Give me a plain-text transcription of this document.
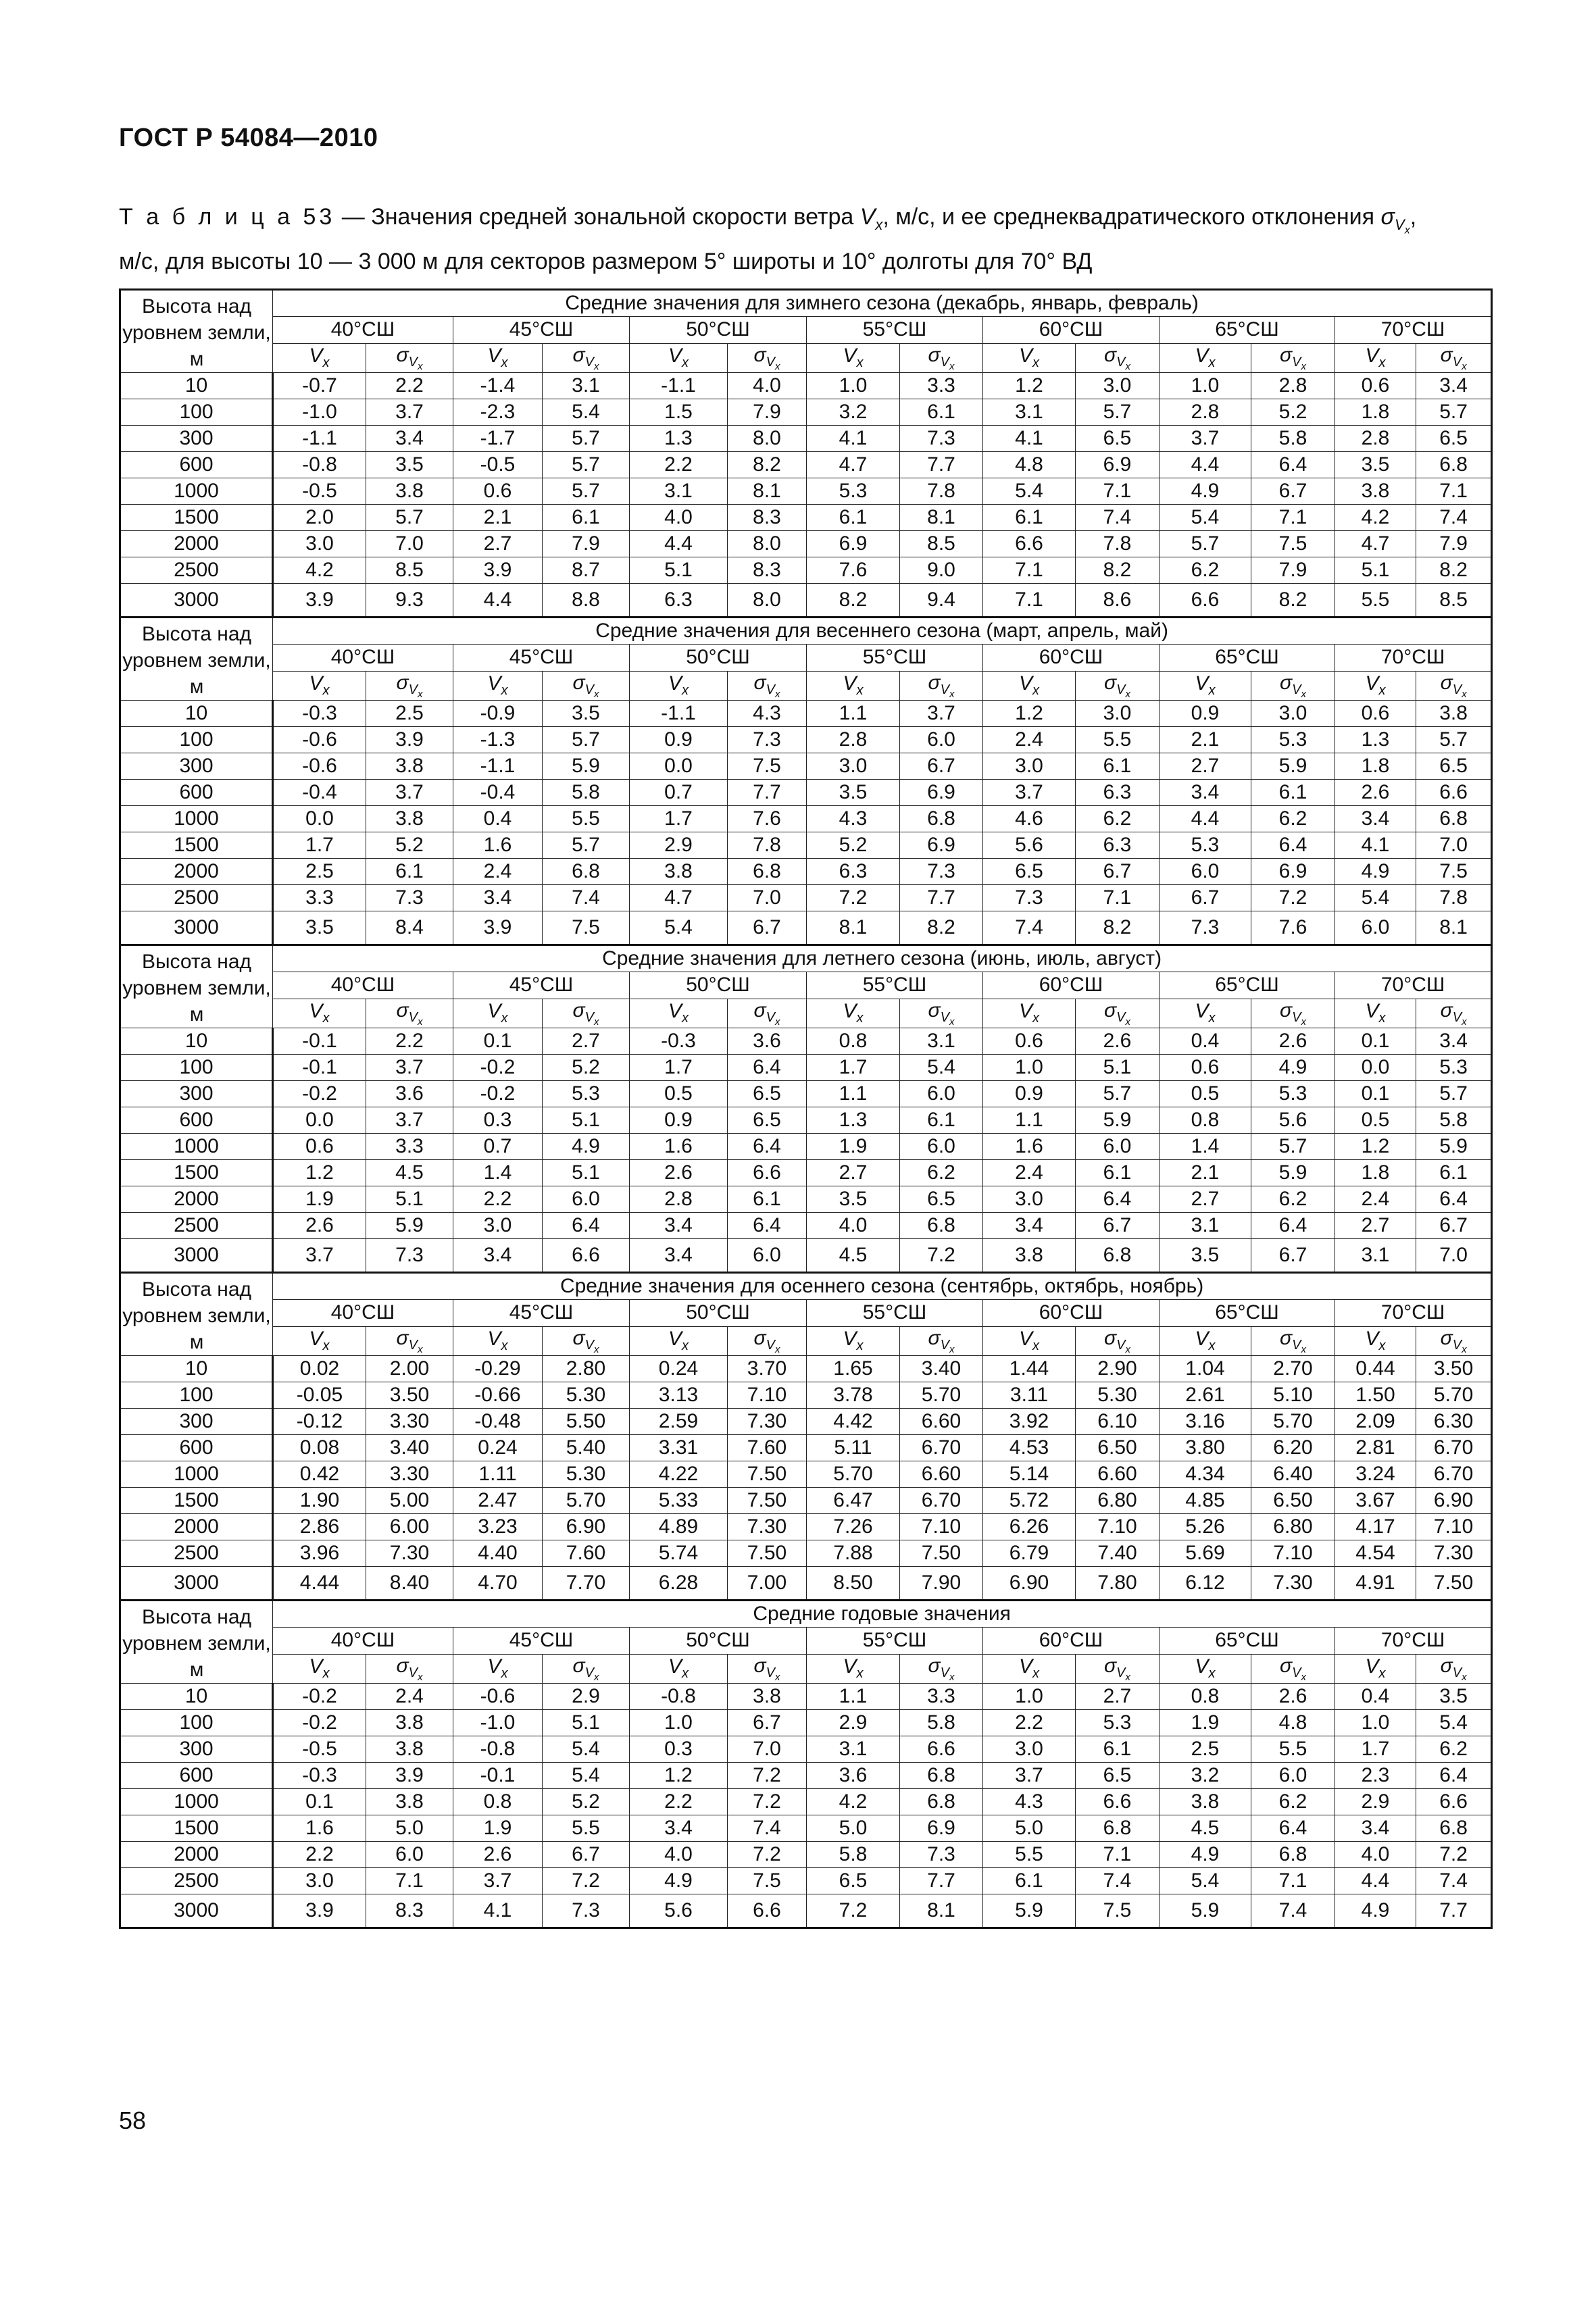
ГОСТ Р 54084—2010
Т а б л и ц а 53 — Значения средней зональной скорости ветра $V_x$, м/с, и ее среднеквадратического отклонения $\sigma_{V_x}$,
м/с, для высоты 10 — 3 000 м для секторов размером 5° широты и 10° долготы для 70° ВД
Высота над уровнем земли, м	Средние значения для зимнего сезона (декабрь, январь, февраль)													
	40°СШ		45°СШ		50°СШ		55°СШ		60°СШ		65°СШ		70°СШ	
	$V_x$	$\sigma_{V_x}$	$V_x$	$\sigma_{V_x}$	$V_x$	$\sigma_{V_x}$	$V_x$	$\sigma_{V_x}$	$V_x$	$\sigma_{V_x}$	$V_x$	$\sigma_{V_x}$	$V_x$	$\sigma_{V_x}$
10	-0.7	2.2	-1.4	3.1	-1.1	4.0	1.0	3.3	1.2	3.0	1.0	2.8	0.6	3.4
100	-1.0	3.7	-2.3	5.4	1.5	7.9	3.2	6.1	3.1	5.7	2.8	5.2	1.8	5.7
300	-1.1	3.4	-1.7	5.7	1.3	8.0	4.1	7.3	4.1	6.5	3.7	5.8	2.8	6.5
600	-0.8	3.5	-0.5	5.7	2.2	8.2	4.7	7.7	4.8	6.9	4.4	6.4	3.5	6.8
1000	-0.5	3.8	0.6	5.7	3.1	8.1	5.3	7.8	5.4	7.1	4.9	6.7	3.8	7.1
1500	2.0	5.7	2.1	6.1	4.0	8.3	6.1	8.1	6.1	7.4	5.4	7.1	4.2	7.4
2000	3.0	7.0	2.7	7.9	4.4	8.0	6.9	8.5	6.6	7.8	5.7	7.5	4.7	7.9
2500	4.2	8.5	3.9	8.7	5.1	8.3	7.6	9.0	7.1	8.2	6.2	7.9	5.1	8.2
3000	3.9	9.3	4.4	8.8	6.3	8.0	8.2	9.4	7.1	8.6	6.6	8.2	5.5	8.5
Высота над уровнем земли, м	Средние значения для весеннего сезона (март, апрель, май)													
	40°СШ		45°СШ		50°СШ		55°СШ		60°СШ		65°СШ		70°СШ	
	$V_x$	$\sigma_{V_x}$	$V_x$	$\sigma_{V_x}$	$V_x$	$\sigma_{V_x}$	$V_x$	$\sigma_{V_x}$	$V_x$	$\sigma_{V_x}$	$V_x$	$\sigma_{V_x}$	$V_x$	$\sigma_{V_x}$
10	-0.3	2.5	-0.9	3.5	-1.1	4.3	1.1	3.7	1.2	3.0	0.9	3.0	0.6	3.8
100	-0.6	3.9	-1.3	5.7	0.9	7.3	2.8	6.0	2.4	5.5	2.1	5.3	1.3	5.7
300	-0.6	3.8	-1.1	5.9	0.0	7.5	3.0	6.7	3.0	6.1	2.7	5.9	1.8	6.5
600	-0.4	3.7	-0.4	5.8	0.7	7.7	3.5	6.9	3.7	6.3	3.4	6.1	2.6	6.6
1000	0.0	3.8	0.4	5.5	1.7	7.6	4.3	6.8	4.6	6.2	4.4	6.2	3.4	6.8
1500	1.7	5.2	1.6	5.7	2.9	7.8	5.2	6.9	5.6	6.3	5.3	6.4	4.1	7.0
2000	2.5	6.1	2.4	6.8	3.8	6.8	6.3	7.3	6.5	6.7	6.0	6.9	4.9	7.5
2500	3.3	7.3	3.4	7.4	4.7	7.0	7.2	7.7	7.3	7.1	6.7	7.2	5.4	7.8
3000	3.5	8.4	3.9	7.5	5.4	6.7	8.1	8.2	7.4	8.2	7.3	7.6	6.0	8.1
Высота над уровнем земли, м	Средние значения для летнего сезона (июнь, июль, август)													
	40°СШ		45°СШ		50°СШ		55°СШ		60°СШ		65°СШ		70°СШ	
	$V_x$	$\sigma_{V_x}$	$V_x$	$\sigma_{V_x}$	$V_x$	$\sigma_{V_x}$	$V_x$	$\sigma_{V_x}$	$V_x$	$\sigma_{V_x}$	$V_x$	$\sigma_{V_x}$	$V_x$	$\sigma_{V_x}$
10	-0.1	2.2	0.1	2.7	-0.3	3.6	0.8	3.1	0.6	2.6	0.4	2.6	0.1	3.4
100	-0.1	3.7	-0.2	5.2	1.7	6.4	1.7	5.4	1.0	5.1	0.6	4.9	0.0	5.3
300	-0.2	3.6	-0.2	5.3	0.5	6.5	1.1	6.0	0.9	5.7	0.5	5.3	0.1	5.7
600	0.0	3.7	0.3	5.1	0.9	6.5	1.3	6.1	1.1	5.9	0.8	5.6	0.5	5.8
1000	0.6	3.3	0.7	4.9	1.6	6.4	1.9	6.0	1.6	6.0	1.4	5.7	1.2	5.9
1500	1.2	4.5	1.4	5.1	2.6	6.6	2.7	6.2	2.4	6.1	2.1	5.9	1.8	6.1
2000	1.9	5.1	2.2	6.0	2.8	6.1	3.5	6.5	3.0	6.4	2.7	6.2	2.4	6.4
2500	2.6	5.9	3.0	6.4	3.4	6.4	4.0	6.8	3.4	6.7	3.1	6.4	2.7	6.7
3000	3.7	7.3	3.4	6.6	3.4	6.0	4.5	7.2	3.8	6.8	3.5	6.7	3.1	7.0
Высота над уровнем земли, м	Средние значения для осеннего сезона (сентябрь, октябрь, ноябрь)													
	40°СШ		45°СШ		50°СШ		55°СШ		60°СШ		65°СШ		70°СШ	
	$V_x$	$\sigma_{V_x}$	$V_x$	$\sigma_{V_x}$	$V_x$	$\sigma_{V_x}$	$V_x$	$\sigma_{V_x}$	$V_x$	$\sigma_{V_x}$	$V_x$	$\sigma_{V_x}$	$V_x$	$\sigma_{V_x}$
10	0.02	2.00	-0.29	2.80	0.24	3.70	1.65	3.40	1.44	2.90	1.04	2.70	0.44	3.50
100	-0.05	3.50	-0.66	5.30	3.13	7.10	3.78	5.70	3.11	5.30	2.61	5.10	1.50	5.70
300	-0.12	3.30	-0.48	5.50	2.59	7.30	4.42	6.60	3.92	6.10	3.16	5.70	2.09	6.30
600	0.08	3.40	0.24	5.40	3.31	7.60	5.11	6.70	4.53	6.50	3.80	6.20	2.81	6.70
1000	0.42	3.30	1.11	5.30	4.22	7.50	5.70	6.60	5.14	6.60	4.34	6.40	3.24	6.70
1500	1.90	5.00	2.47	5.70	5.33	7.50	6.47	6.70	5.72	6.80	4.85	6.50	3.67	6.90
2000	2.86	6.00	3.23	6.90	4.89	7.30	7.26	7.10	6.26	7.10	5.26	6.80	4.17	7.10
2500	3.96	7.30	4.40	7.60	5.74	7.50	7.88	7.50	6.79	7.40	5.69	7.10	4.54	7.30
3000	4.44	8.40	4.70	7.70	6.28	7.00	8.50	7.90	6.90	7.80	6.12	7.30	4.91	7.50
Высота над уровнем земли, м	Средние годовые значения													
	40°СШ		45°СШ		50°СШ		55°СШ		60°СШ		65°СШ		70°СШ	
	$V_x$	$\sigma_{V_x}$	$V_x$	$\sigma_{V_x}$	$V_x$	$\sigma_{V_x}$	$V_x$	$\sigma_{V_x}$	$V_x$	$\sigma_{V_x}$	$V_x$	$\sigma_{V_x}$	$V_x$	$\sigma_{V_x}$
10	-0.2	2.4	-0.6	2.9	-0.8	3.8	1.1	3.3	1.0	2.7	0.8	2.6	0.4	3.5
100	-0.2	3.8	-1.0	5.1	1.0	6.7	2.9	5.8	2.2	5.3	1.9	4.8	1.0	5.4
300	-0.5	3.8	-0.8	5.4	0.3	7.0	3.1	6.6	3.0	6.1	2.5	5.5	1.7	6.2
600	-0.3	3.9	-0.1	5.4	1.2	7.2	3.6	6.8	3.7	6.5	3.2	6.0	2.3	6.4
1000	0.1	3.8	0.8	5.2	2.2	7.2	4.2	6.8	4.3	6.6	3.8	6.2	2.9	6.6
1500	1.6	5.0	1.9	5.5	3.4	7.4	5.0	6.9	5.0	6.8	4.5	6.4	3.4	6.8
2000	2.2	6.0	2.6	6.7	4.0	7.2	5.8	7.3	5.5	7.1	4.9	6.8	4.0	7.2
2500	3.0	7.1	3.7	7.2	4.9	7.5	6.5	7.7	6.1	7.4	5.4	7.1	4.4	7.4
3000	3.9	8.3	4.1	7.3	5.6	6.6	7.2	8.1	5.9	7.5	5.9	7.4	4.9	7.7
58
